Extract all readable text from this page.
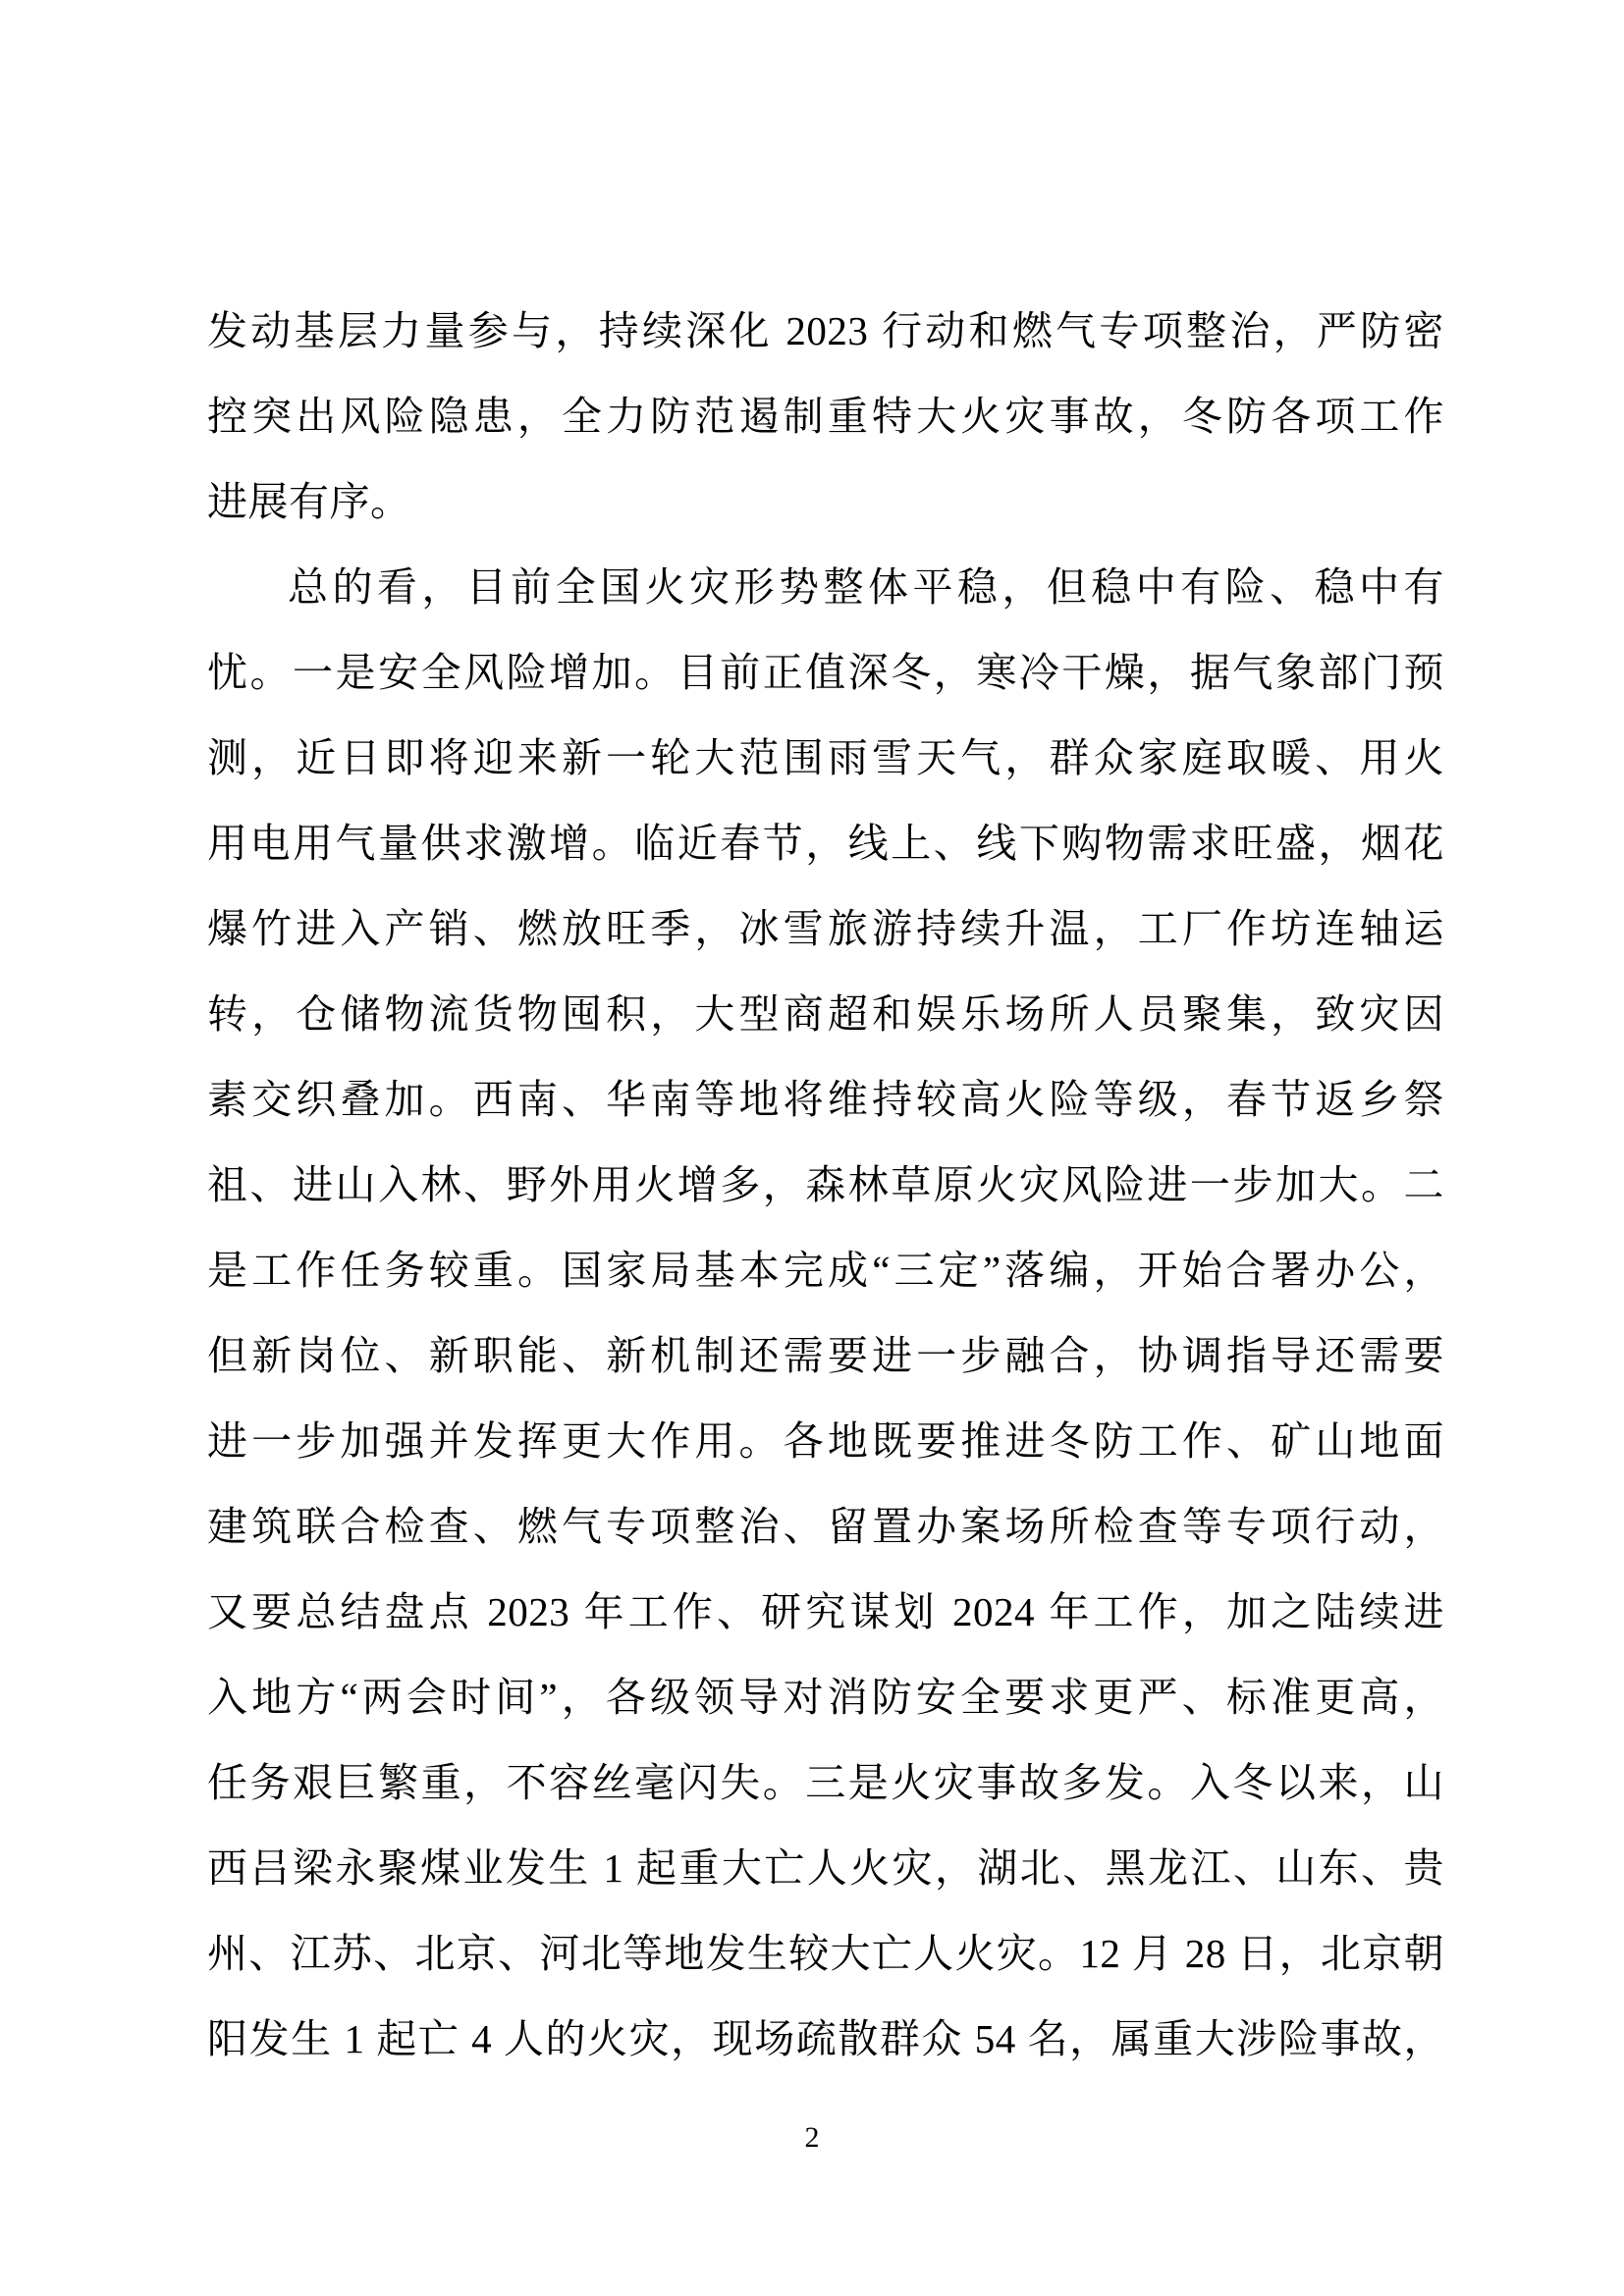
发动基层力量参与，持续深化 2023 行动和燃气专项整治，严防密
控突出风险隐患，全力防范遏制重特大火灾事故，冬防各项工作
进展有序。
总的看，目前全国火灾形势整体平稳，但稳中有险、稳中有
忧。一是安全风险增加。目前正值深冬，寒冷干燥，据气象部门预
测，近日即将迎来新一轮大范围雨雪天气，群众家庭取暖、用火
用电用气量供求激增。临近春节，线上、线下购物需求旺盛，烟花
爆竹进入产销、燃放旺季，冰雪旅游持续升温，工厂作坊连轴运
转，仓储物流货物囤积，大型商超和娱乐场所人员聚集，致灾因
素交织叠加。西南、华南等地将维持较高火险等级，春节返乡祭
祖、进山入林、野外用火增多，森林草原火灾风险进一步加大。二
是工作任务较重。国家局基本完成“三定”落编，开始合署办公，
但新岗位、新职能、新机制还需要进一步融合，协调指导还需要
进一步加强并发挥更大作用。各地既要推进冬防工作、矿山地面
建筑联合检查、燃气专项整治、留置办案场所检查等专项行动，
又要总结盘点 2023 年工作、研究谋划 2024 年工作，加之陆续进
入地方“两会时间”，各级领导对消防安全要求更严、标准更高，
任务艰巨繁重，不容丝毫闪失。三是火灾事故多发。入冬以来，山
西吕梁永聚煤业发生 1 起重大亡人火灾，湖北、黑龙江、山东、贵
州、江苏、北京、河北等地发生较大亡人火灾。12 月 28 日，北京朝
阳发生 1 起亡 4 人的火灾，现场疏散群众 54 名，属重大涉险事故，
2
